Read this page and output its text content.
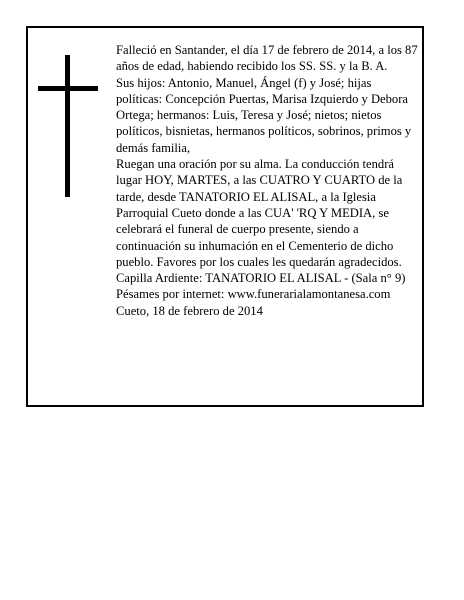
Falleció en Santander, el día 17 de febrero de 2014, a los 87 años de edad, habiendo recibido los SS. SS. y la B. A.

Sus hijos: Antonio, Manuel, Ángel (f) y José; hijas políticas: Concepción Puertas, Marisa Izquierdo y Debora Ortega; hermanos: Luis, Teresa y José; nietos; nietos políticos, bisnietas, hermanos políticos, sobrinos, primos y demás familia,

Ruegan una oración por su alma. La conducción tendrá lugar HOY, MARTES, a las CUATRO Y CUARTO de la tarde, desde TANATORIO EL ALISAL, a la Iglesia Parroquial Cueto donde a las CUA' 'RQ Y MEDIA, se celebrará el funeral de cuerpo presente, siendo a continuación su inhumación en el Cementerio de dicho pueblo. Favores por los cuales les quedarán agradecidos. Capilla Ardiente: TANATORIO EL ALISAL - (Sala n° 9)

Pésames por internet: www.funerarialamontanesa.com

Cueto, 18 de febrero de 2014
